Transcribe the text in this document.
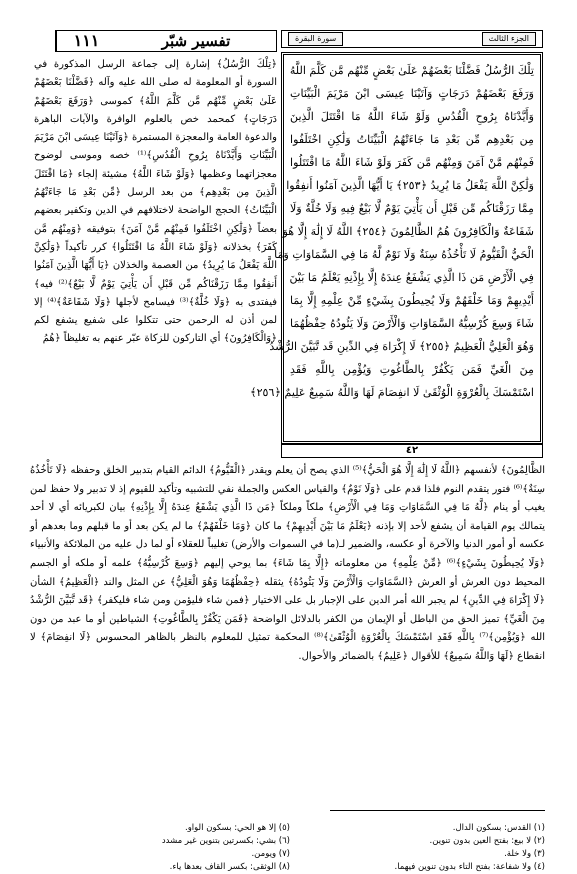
الجزء الثالث
سورة البقرة
تفسير شبّر
١١١
تِلْكَ الرُّسُلُ فَضَّلْنَا بَعْضَهُمْ عَلَىٰ بَعْضٍ مِّنْهُم مَّن كَلَّمَ اللَّهُ
وَرَفَعَ بَعْضَهُمْ دَرَجَاتٍ وَآتَيْنَا عِيسَى ابْنَ مَرْيَمَ الْبَيِّنَاتِ
وَأَيَّدْنَاهُ بِرُوحِ الْقُدُسِ وَلَوْ شَاءَ اللَّهُ مَا اقْتَتَلَ الَّذِينَ
مِن بَعْدِهِم مِّن بَعْدِ مَا جَاءَتْهُمُ الْبَيِّنَاتُ وَلَٰكِنِ اخْتَلَفُوا
فَمِنْهُم مَّنْ آمَنَ وَمِنْهُم مَّن كَفَرَ وَلَوْ شَاءَ اللَّهُ مَا اقْتَتَلُوا
وَلَٰكِنَّ اللَّهَ يَفْعَلُ مَا يُرِيدُ ﴿٢٥٣﴾ يَا أَيُّهَا الَّذِينَ آمَنُوا أَنفِقُوا
مِمَّا رَزَقْنَاكُم مِّن قَبْلِ أَن يَأْتِيَ يَوْمٌ لَّا بَيْعٌ فِيهِ وَلَا خُلَّةٌ وَلَا
شَفَاعَةٌ وَالْكَافِرُونَ هُمُ الظَّالِمُونَ ﴿٢٥٤﴾ اللَّهُ لَا إِلَٰهَ إِلَّا هُوَ
الْحَيُّ الْقَيُّومُ لَا تَأْخُذُهُ سِنَةٌ وَلَا نَوْمٌ لَّهُ مَا فِي السَّمَاوَاتِ وَمَا
فِي الْأَرْضِ مَن ذَا الَّذِي يَشْفَعُ عِندَهُ إِلَّا بِإِذْنِهِ يَعْلَمُ مَا بَيْنَ
أَيْدِيهِمْ وَمَا خَلْفَهُمْ وَلَا يُحِيطُونَ بِشَيْءٍ مِّنْ عِلْمِهِ إِلَّا بِمَا
شَاءَ وَسِعَ كُرْسِيُّهُ السَّمَاوَاتِ وَالْأَرْضَ وَلَا يَئُودُهُ حِفْظُهُمَا
وَهُوَ الْعَلِيُّ الْعَظِيمُ ﴿٢٥٥﴾ لَا إِكْرَاهَ فِي الدِّينِ قَد تَّبَيَّنَ الرُّشْدُ
مِنَ الْغَيِّ فَمَن يَكْفُرْ بِالطَّاغُوتِ وَيُؤْمِن بِاللَّهِ فَقَدِ
اسْتَمْسَكَ بِالْعُرْوَةِ الْوُثْقَىٰ لَا انفِصَامَ لَهَا وَاللَّهُ سَمِيعٌ عَلِيمٌ ﴿٢٥٦﴾
٤٢

﴿تِلْكَ الرُّسُلُ﴾ إشارة إلى جماعة الرسل المذكورة في السورة أو المعلومة له صلى الله عليه وآله ﴿فَضَّلْنَا بَعْضَهُمْ عَلَىٰ بَعْضٍ مِّنْهُم مَّن كَلَّمَ اللَّهُ﴾ كموسى ﴿وَرَفَعَ بَعْضَهُمْ دَرَجَاتٍ﴾ كمحمد خص بالعلوم الوافرة والآيات الباهرة والدعوة العامة والمعجزة المستمرة ﴿وَآتَيْنَا عِيسَى ابْنَ مَرْيَمَ الْبَيِّنَاتِ وَأَيَّدْنَاهُ بِرُوحِ الْقُدُسِ﴾⁽¹⁾ خصه وموسى لوضوح معجزاتهما وعظمها ﴿وَلَوْ شَاءَ اللَّهُ﴾ مشيئة إلجاء ﴿مَا اقْتَتَلَ الَّذِينَ مِن بَعْدِهِم﴾ من بعد الرسل ﴿مِّن بَعْدِ مَا جَاءَتْهُمُ الْبَيِّنَاتُ﴾ الحجج الواضحة لاختلافهم في الدين وتكفير بعضهم بعضاً ﴿وَلَٰكِنِ اخْتَلَفُوا فَمِنْهُم مَّنْ آمَنَ﴾ بتوفيقه ﴿وَمِنْهُم مَّن كَفَرَ﴾ بخذلانه ﴿وَلَوْ شَاءَ اللَّهُ مَا اقْتَتَلُوا﴾ كرر تأكيداً ﴿وَلَٰكِنَّ اللَّهَ يَفْعَلُ مَا يُرِيدُ﴾ من العصمة والخذلان ﴿يَا أَيُّهَا الَّذِينَ آمَنُوا أَنفِقُوا مِمَّا رَزَقْنَاكُم مِّن قَبْلِ أَن يَأْتِيَ يَوْمٌ لَّا بَيْعٌ﴾⁽²⁾ فيه﴾ فيفتدى به ﴿وَلَا خُلَّةٌ﴾⁽³⁾ فيسامح لأجلها ﴿وَلَا شَفَاعَةٌ﴾⁽⁴⁾ إلا لمن أذن له الرحمن حتى تتكلوا على شفيع يشفع لكم ﴿وَالْكَافِرُونَ﴾ أي التاركون للزكاة عبّر عنهم به تغليظاً ﴿هُمُ

الظَّالِمُونَ﴾ لأنفسهم ﴿اللَّهُ لَا إِلَٰهَ إِلَّا هُوَ الْحَيُّ﴾⁽⁵⁾ الذي يصح أن يعلم ويقدر ﴿الْقَيُّومُ﴾ الدائم القيام بتدبير الخلق وحفظه ﴿لَا تَأْخُذُهُ سِنَةٌ﴾⁽⁶⁾ فتور يتقدم النوم فلذا قدم على ﴿وَلَا نَوْمٌ﴾ والقياس العكس والجملة نفي للتشبيه وتأكيد للقيوم إذ لا تدبير ولا حفظ لمن يغيب أو ينام ﴿لَّهُ مَا فِي السَّمَاوَاتِ وَمَا فِي الْأَرْضِ﴾ ملكاً وملكاً ﴿مَن ذَا الَّذِي يَشْفَعُ عِندَهُ إِلَّا بِإِذْنِهِ﴾ بيان لكبريائه أي لا أحد يتمالك يوم القيامة أن يشفع لأحد إلا بإذنه ﴿يَعْلَمُ مَا بَيْنَ أَيْدِيهِمْ﴾ ما كان ﴿وَمَا خَلْفَهُمْ﴾ ما لم يكن بعد أو ما قبلهم وما بعدهم أو عكسه أو أمور الدنيا والآخرة أو عكسه، والضمير لـ(ما في السموات والأرض) تغليباً للعقلاء أو لما دل عليه من الملائكة والأنبياء ﴿وَلَا يُحِيطُونَ بِشَيْءٍ﴾⁽⁶⁾ ﴿مِّنْ عِلْمِهِ﴾ من معلوماته ﴿إِلَّا بِمَا شَاءَ﴾ بما يوحي إليهم ﴿وَسِعَ كُرْسِيُّهُ﴾ علمه أو ملكه أو الجسم المحيط دون العرش أو العرش ﴿السَّمَاوَاتِ وَالْأَرْضَ وَلَا يَئُودُهُ﴾ يثقله ﴿حِفْظُهُمَا وَهُوَ الْعَلِيُّ﴾ عن المثل والند ﴿الْعَظِيمُ﴾ الشأن ﴿لَا إِكْرَاهَ فِي الدِّينِ﴾ لم يجبر الله أمر الدين على الإجبار بل على الاختيار ﴿فمن شاء فليؤمن ومن شاء فليكفر﴾ ﴿قَد تَّبَيَّنَ الرُّشْدُ مِنَ الْغَيِّ﴾ تميز الحق من الباطل أو الإيمان من الكفر بالدلائل الواضحة ﴿فَمَن يَكْفُرْ بِالطَّاغُوتِ﴾ الشياطين أو ما عبد من دون الله ﴿وَيُؤْمِن﴾⁽⁷⁾ بِاللَّهِ فَقَدِ اسْتَمْسَكَ بِالْعُرْوَةِ الْوُثْقَىٰ﴾⁽⁸⁾ المحكمة تمثيل للمعلوم بالنظر بالظاهر المحسوس ﴿لَا انفِصَامَ﴾ لا انقطاع ﴿لَهَا وَاللَّهُ سَمِيعٌ﴾ للأقوال ﴿عَلِيمٌ﴾ بالضمائر والأحوال.

(١) القدس: بسكون الدال.
(٢) لا بيع: بفتح العين بدون تنوين.
(٣) ولا خلة.
(٤) ولا شفاعة: بفتح التاء بدون تنوين فيهما.
(٥) إلا هو الحي: بسكون الواو.
(٦) بشي: بكسرتين بتنوين غير مشدد
(٧) ويومن.
(٨) الوثقى: بكسر القاف بعدها ياء.
